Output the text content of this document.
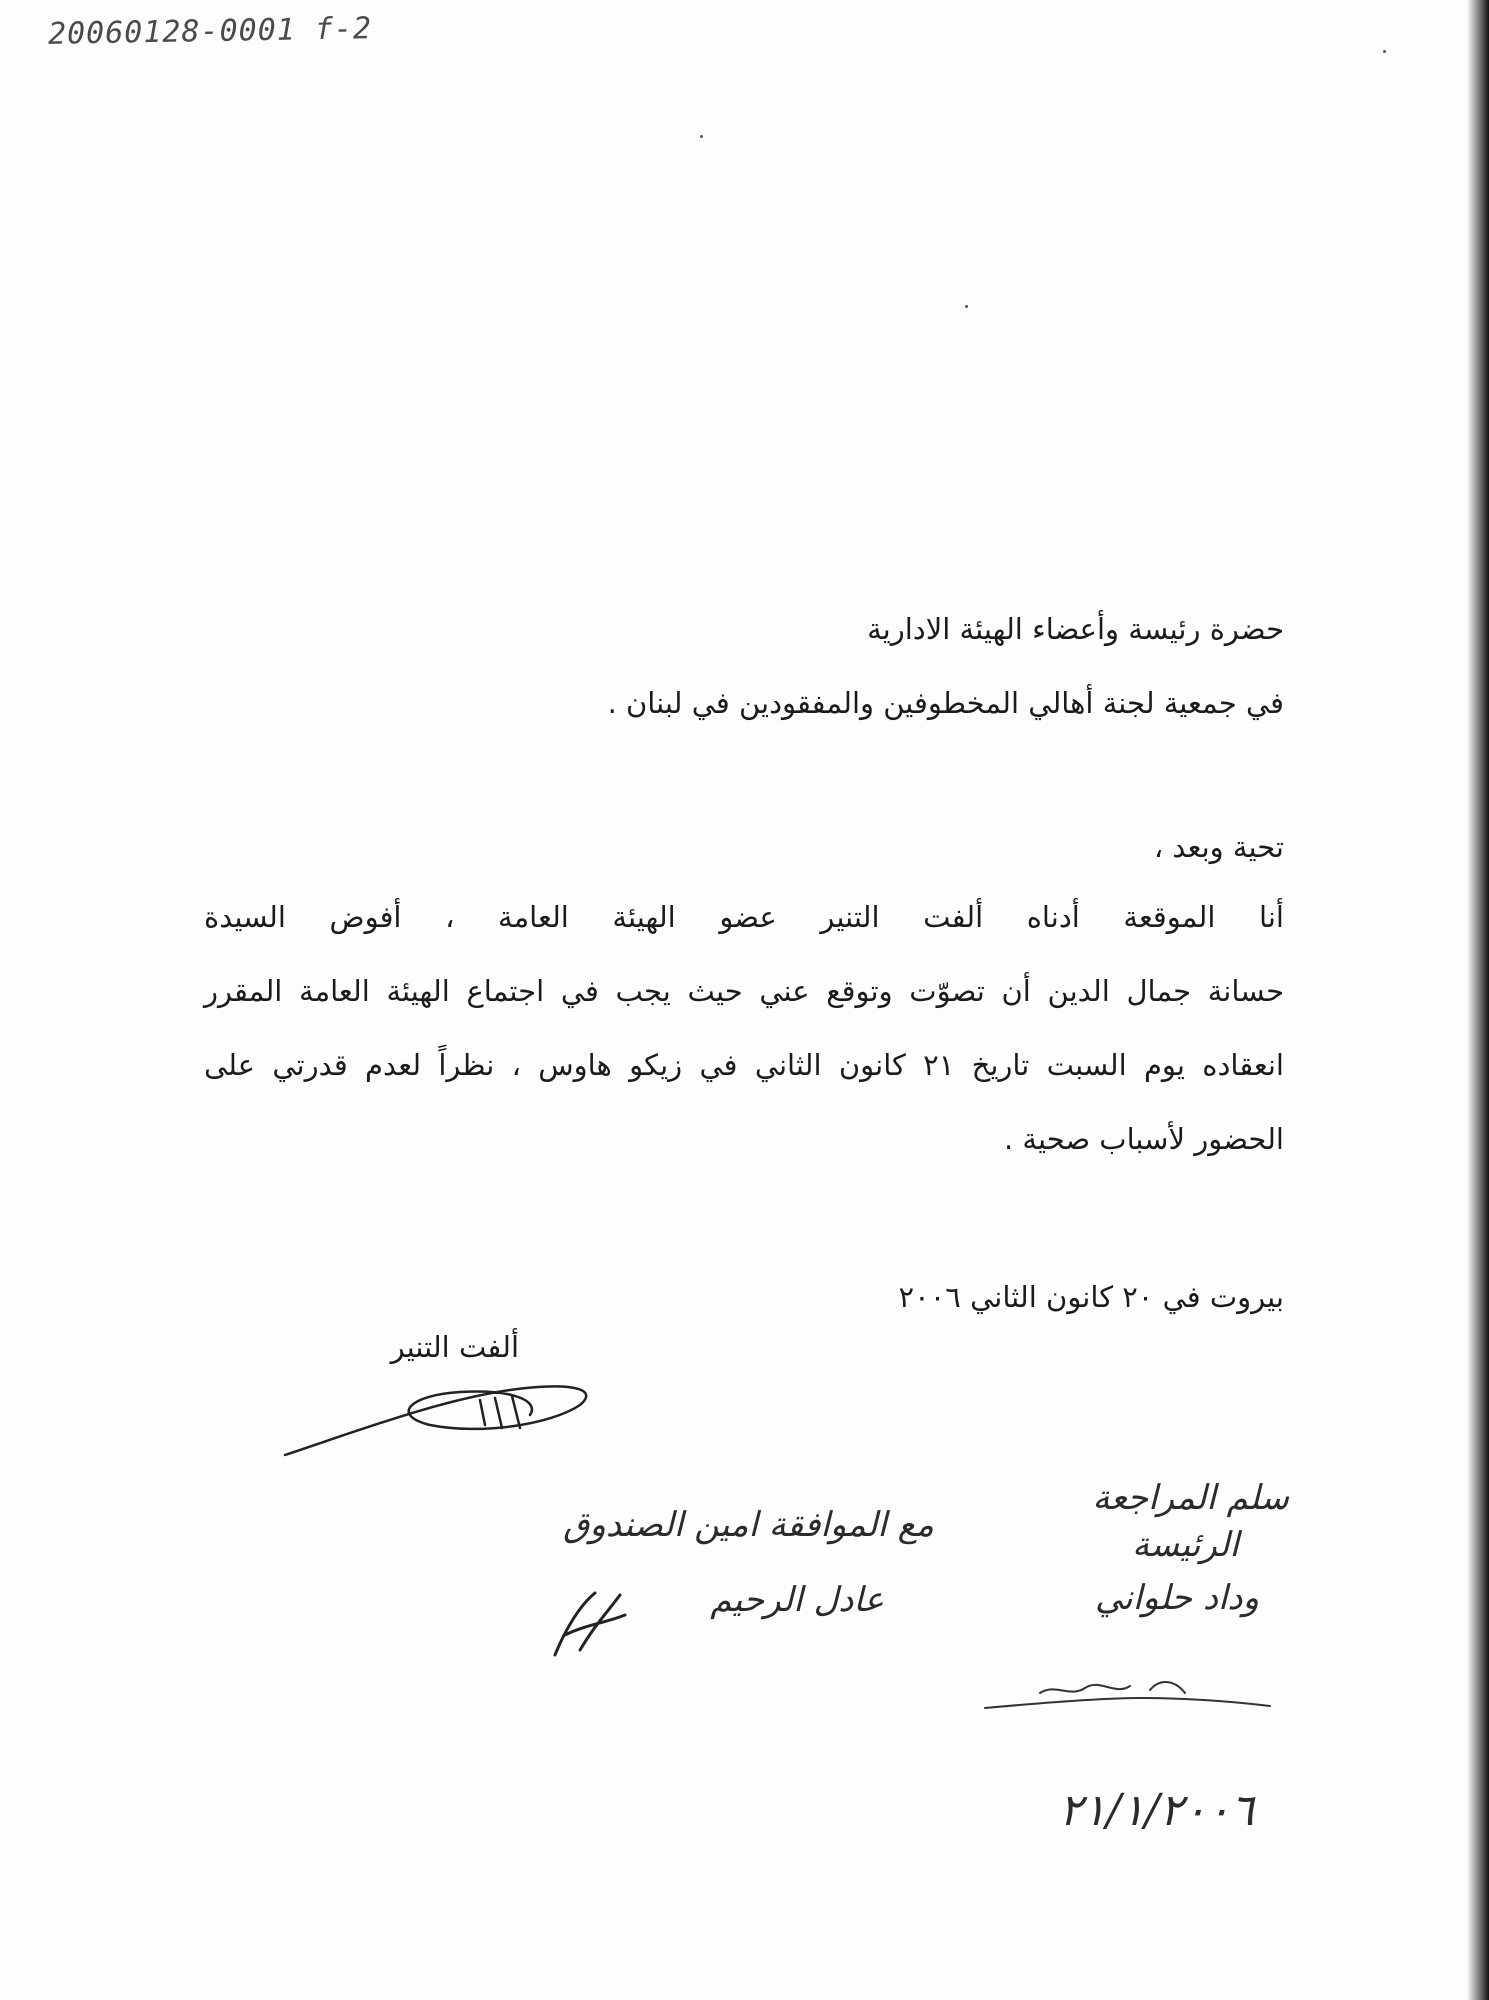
20060128-0001 f-2
حضرة رئيسة وأعضاء الهيئة الادارية
في جمعية لجنة أهالي المخطوفين والمفقودين في لبنان .
تحية وبعد ،

أنا الموقعة أدناه ألفت التنير عضو الهيئة العامة ، أفوض السيدة

حسانة جمال الدين أن تصوّت وتوقع عني حيث يجب في اجتماع الهيئة العامة المقرر

انعقاده يوم السبت تاريخ ٢١ كانون الثاني في زيكو هاوس ، نظراً لعدم قدرتي على

الحضور لأسباب صحية .

بيروت في ٢٠ كانون الثاني ٢٠٠٦
ألفت التنير
سلم المراجعة
الرئيسة
وداد حلواني
مع الموافقة امين الصندوق
عادل الرحيم
٢١/١/٢٠٠٦
